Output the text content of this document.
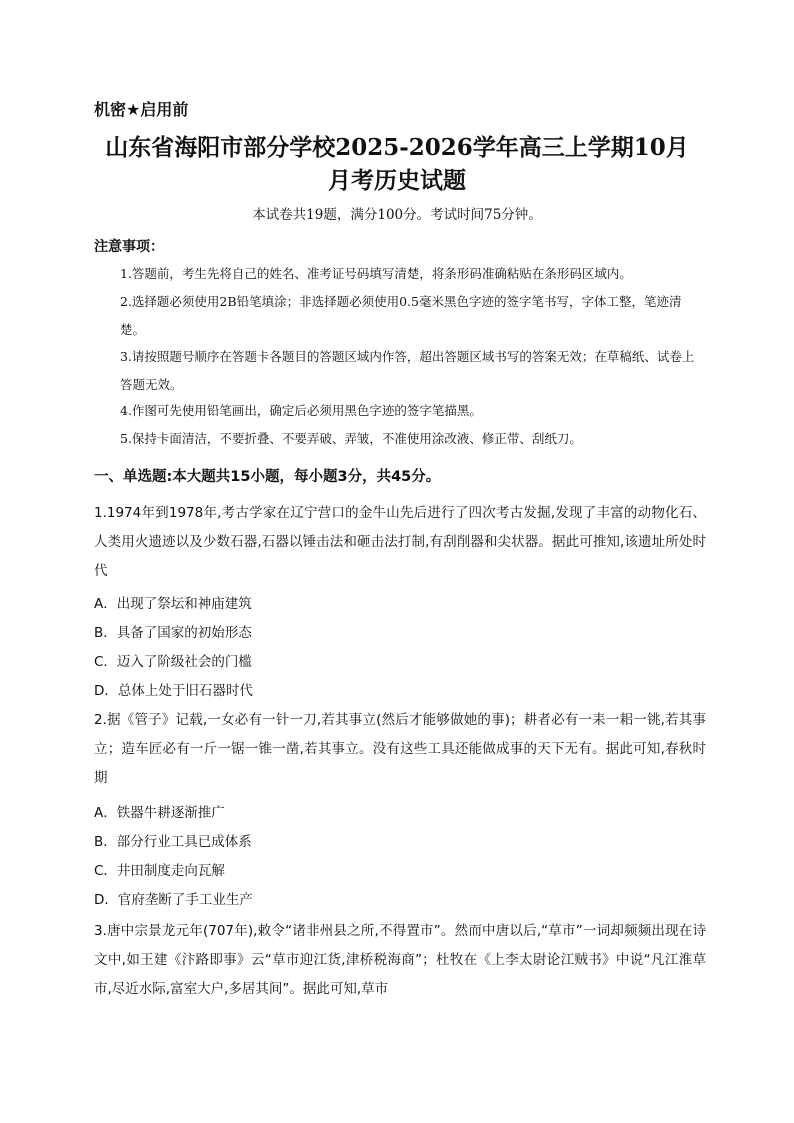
机密★启用前
山东省海阳市部分学校2025-2026学年高三上学期10月
月考历史试题
本试卷共19题，满分100分。考试时间75分钟。
注意事项：
1.答题前，考生先将自己的姓名、准考证号码填写清楚，将条形码准确粘贴在条形码区域内。
2.选择题必须使用2B铅笔填涂；非选择题必须使用0.5毫米黑色字迹的签字笔书写，字体工整，笔迹清楚。
3.请按照题号顺序在答题卡各题目的答题区域内作答，超出答题区域书写的答案无效；在草稿纸、试卷上答题无效。
4.作图可先使用铅笔画出，确定后必须用黑色字迹的签字笔描黑。
5.保持卡面清洁，不要折叠、不要弄破、弄皱，不准使用涂改液、修正带、刮纸刀。
一、单选题:本大题共15小题，每小题3分，共45分。
1.1974年到1978年,考古学家在辽宁营口的金牛山先后进行了四次考古发掘,发现了丰富的动物化石、人类用火遗迹以及少数石器,石器以锤击法和砸击法打制,有刮削器和尖状器。据此可推知,该遗址所处时代
A．出现了祭坛和神庙建筑
B．具备了国家的初始形态
C．迈入了阶级社会的门槛
D．总体上处于旧石器时代
2.据《管子》记载,一女必有一针一刀,若其事立(然后才能够做她的事)；耕者必有一耒一耜一铫,若其事立；造车匠必有一斤一锯一锥一凿,若其事立。没有这些工具还能做成事的天下无有。据此可知,春秋时期
A．铁器牛耕逐渐推广
B．部分行业工具已成体系
C．井田制度走向瓦解
D．官府垄断了手工业生产
3.唐中宗景龙元年(707年),敕令“诸非州县之所,不得置市”。然而中唐以后,“草市”一词却频频出现在诗文中,如王建《汴路即事》云“草市迎江货,津桥税海商”；杜牧在《上李太尉论江贼书》中说“凡江淮草市,尽近水际,富室大户,多居其间”。据此可知,草市
